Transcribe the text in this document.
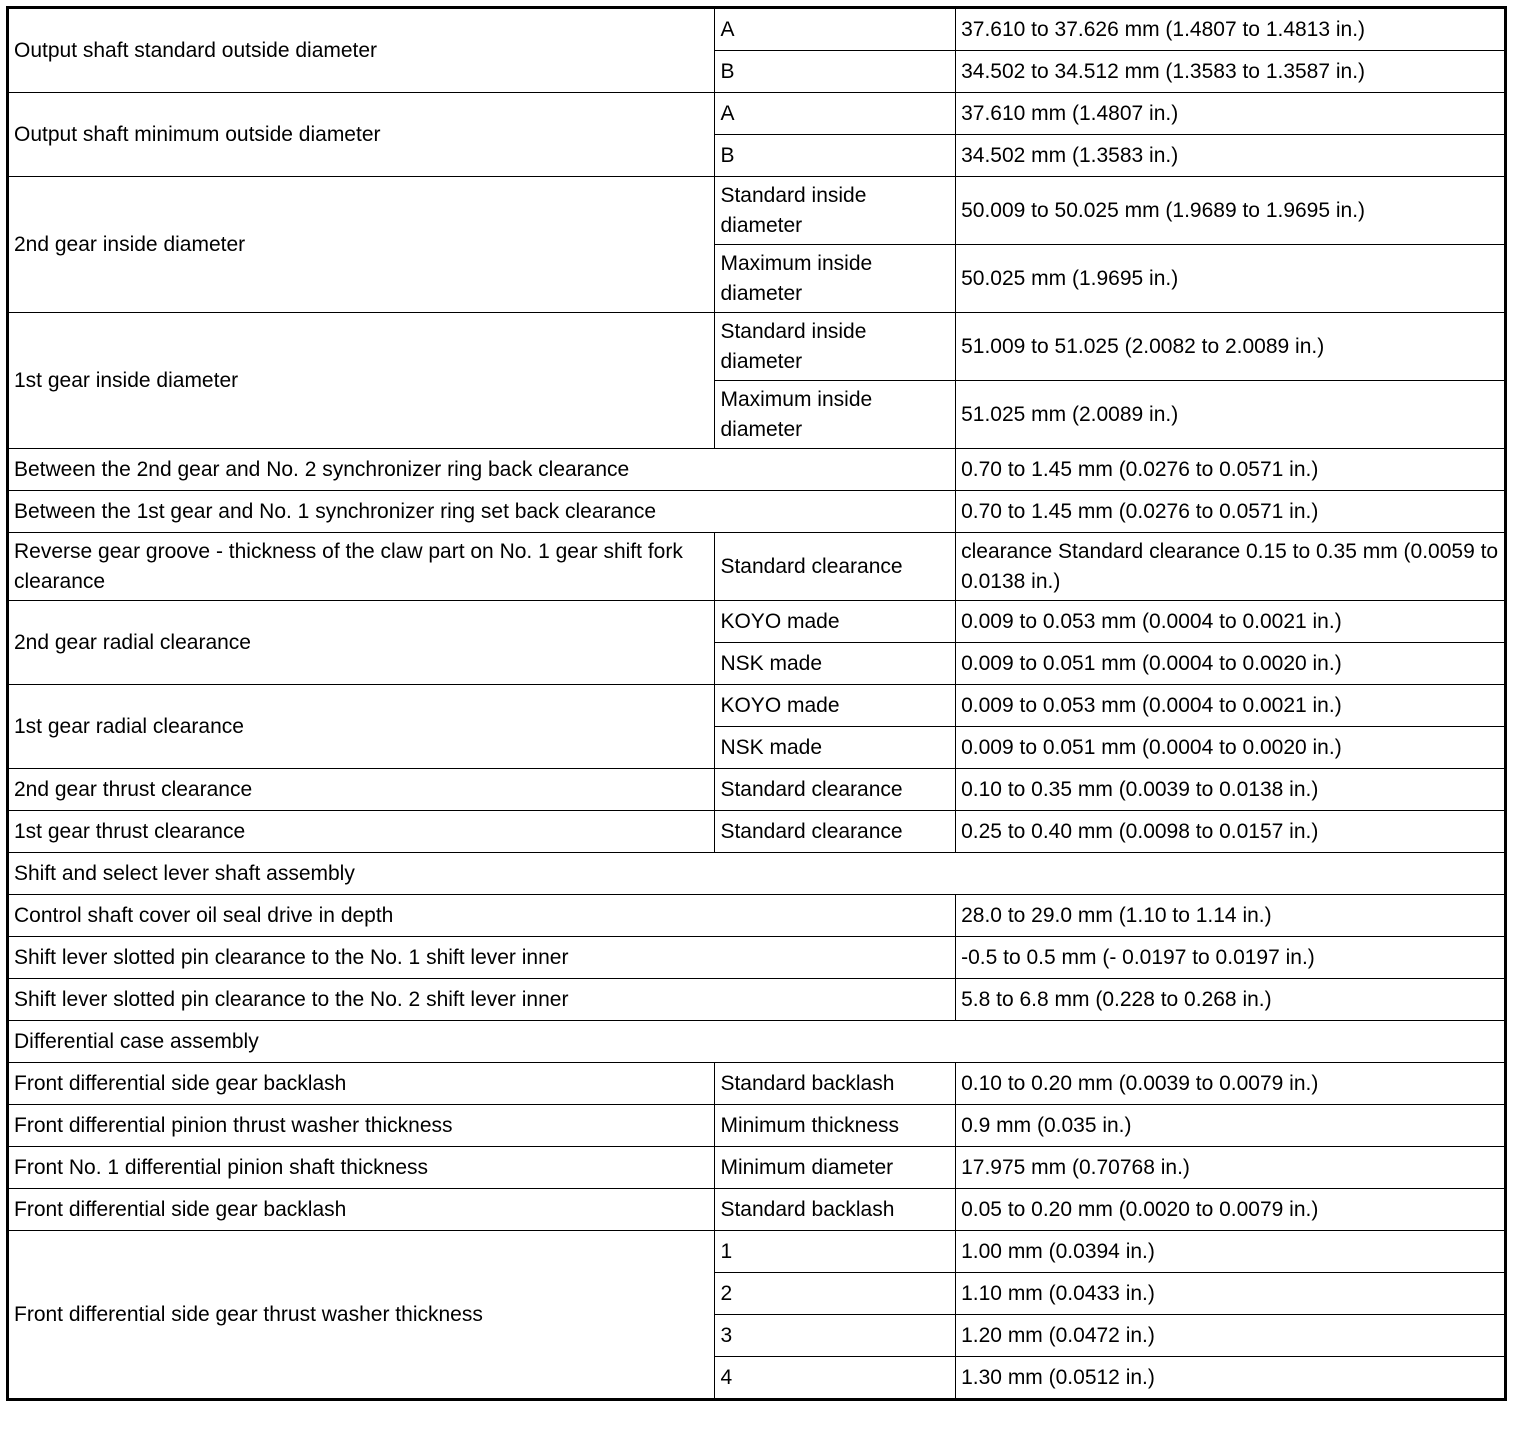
Output shaft standard outside diameter	A	37.610 to 37.626 mm (1.4807 to 1.4813 in.)
	B	34.502 to 34.512 mm (1.3583 to 1.3587 in.)
Output shaft minimum outside diameter	A	37.610 mm (1.4807 in.)
	B	34.502 mm (1.3583 in.)
2nd gear inside diameter	Standard inside diameter	50.009 to 50.025 mm (1.9689 to 1.9695 in.)
	Maximum inside diameter	50.025 mm (1.9695 in.)
1st gear inside diameter	Standard inside diameter	51.009 to 51.025 (2.0082 to 2.0089 in.)
	Maximum inside diameter	51.025 mm (2.0089 in.)
Between the 2nd gear and No. 2 synchronizer ring back clearance		0.70 to 1.45 mm (0.0276 to 0.0571 in.)
Between the 1st gear and No. 1 synchronizer ring set back clearance		0.70 to 1.45 mm (0.0276 to 0.0571 in.)
Reverse gear groove - thickness of the claw part on No. 1 gear shift fork clearance	Standard clearance	clearance Standard clearance 0.15 to 0.35 mm (0.0059 to 0.0138 in.)
2nd gear radial clearance	KOYO made	0.009 to 0.053 mm (0.0004 to 0.0021 in.)
	NSK made	0.009 to 0.051 mm (0.0004 to 0.0020 in.)
1st gear radial clearance	KOYO made	0.009 to 0.053 mm (0.0004 to 0.0021 in.)
	NSK made	0.009 to 0.051 mm (0.0004 to 0.0020 in.)
2nd gear thrust clearance	Standard clearance	0.10 to 0.35 mm (0.0039 to 0.0138 in.)
1st gear thrust clearance	Standard clearance	0.25 to 0.40 mm (0.0098 to 0.0157 in.)
Shift and select lever shaft assembly		
Control shaft cover oil seal drive in depth		28.0 to 29.0 mm (1.10 to 1.14 in.)
Shift lever slotted pin clearance to the No. 1 shift lever inner		-0.5 to 0.5 mm (- 0.0197 to 0.0197 in.)
Shift lever slotted pin clearance to the No. 2 shift lever inner		5.8 to 6.8 mm (0.228 to 0.268 in.)
Differential case assembly		
Front differential side gear backlash	Standard backlash	0.10 to 0.20 mm (0.0039 to 0.0079 in.)
Front differential pinion thrust washer thickness	Minimum thickness	0.9 mm (0.035 in.)
Front No. 1 differential pinion shaft thickness	Minimum diameter	17.975 mm (0.70768 in.)
Front differential side gear backlash	Standard backlash	0.05 to 0.20 mm (0.0020 to 0.0079 in.)
Front differential side gear thrust washer thickness	1	1.00 mm (0.0394 in.)
	2	1.10 mm (0.0433 in.)
	3	1.20 mm (0.0472 in.)
	4	1.30 mm (0.0512 in.)
